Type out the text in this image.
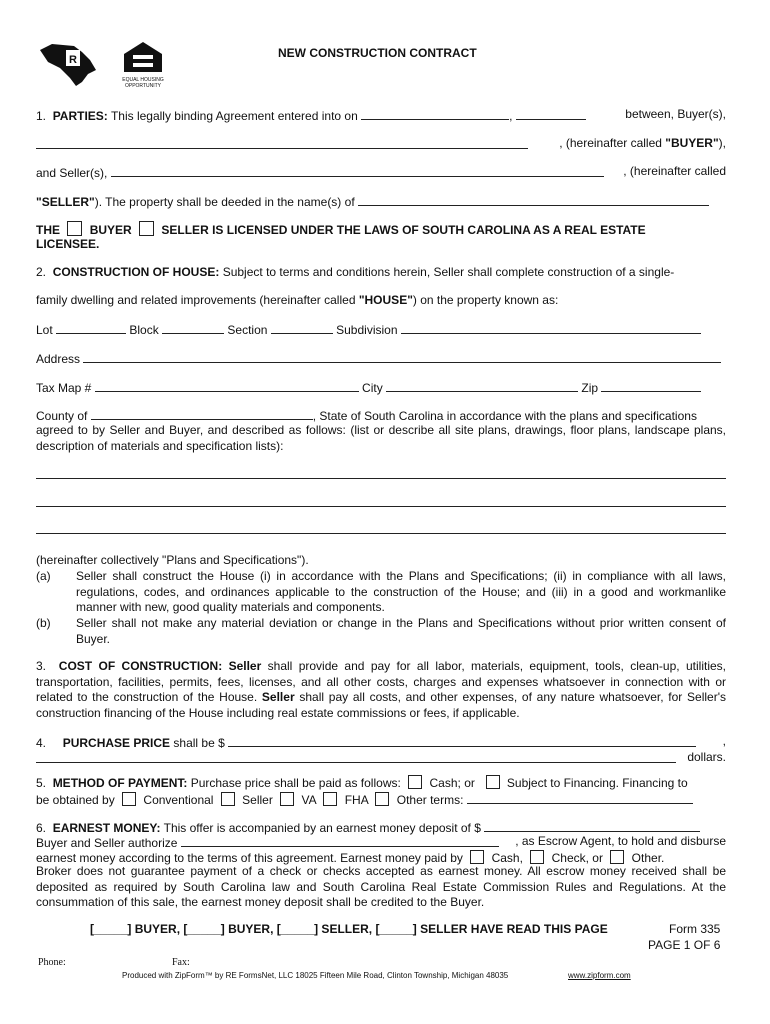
R
EQUAL HOUSING
OPPORTUNITY
NEW CONSTRUCTION CONTRACT
1. PARTIES: This legally binding Agreement entered into on	,	between, Buyer(s),
, (hereinafter called "BUYER"),
and Seller(s),	, (hereinafter called
"SELLER"). The property shall be deeded in the name(s) of
THE BUYER SELLER IS LICENSED UNDER THE LAWS OF SOUTH CAROLINA AS A REAL ESTATE
LICENSEE.
2. CONSTRUCTION OF HOUSE: Subject to terms and conditions herein, Seller shall complete construction of a single-
family dwelling and related improvements (hereinafter called "HOUSE") on the property known as:
Lot	Block	Section	Subdivision
Address
Tax Map #	City	Zip
County of	, State of South Carolina in accordance with the plans and specifications
agreed to by Seller and Buyer, and described as follows: (list or describe all site plans, drawings, floor plans, landscape plans, description of materials and specification lists):
(hereinafter collectively "Plans and Specifications").
(a)	Seller shall construct the House (i) in accordance with the Plans and Specifications; (ii) in compliance with all laws, regulations, codes, and ordinances applicable to the construction of the House; and (iii) in a good and workmanlike manner with new, good quality materials and components.
(b)	Seller shall not make any material deviation or change in the Plans and Specifications without prior written consent of Buyer.
3. COST OF CONSTRUCTION: Seller shall provide and pay for all labor, materials, equipment, tools, clean-up, utilities, transportation, facilities, permits, fees, licenses, and all other costs, charges and expenses whatsoever in connection with or related to the construction of the House. Seller shall pay all costs, and other expenses, of any nature whatsoever, for Seller's construction financing of the House including real estate commissions or fees, if applicable.
4. PURCHASE PRICE shall be $	,
dollars.
5. METHOD OF PAYMENT: Purchase price shall be paid as follows: Cash; or	Subject to Financing. Financing to
be obtained by Conventional Seller VA FHA Other terms:
6. EARNEST MONEY: This offer is accompanied by an earnest money deposit of $
Buyer and Seller authorize	, as Escrow Agent, to hold and disburse
earnest money according to the terms of this agreement. Earnest money paid by Cash, Check, or Other.
Broker does not guarantee payment of a check or checks accepted as earnest money. All escrow money received shall be deposited as required by South Carolina law and South Carolina Real Estate Commission Rules and Regulations. At the consummation of this sale, the earnest money deposit shall be credited to the Buyer.
[_____] BUYER, [_____] BUYER, [_____] SELLER, [_____] SELLER HAVE READ THIS PAGE	Form 335
PAGE 1 OF 6
Phone:	Fax:
Produced with ZipForm™ by RE FormsNet, LLC 18025 Fifteen Mile Road, Clinton Township, Michigan 48035	www.zipform.com
